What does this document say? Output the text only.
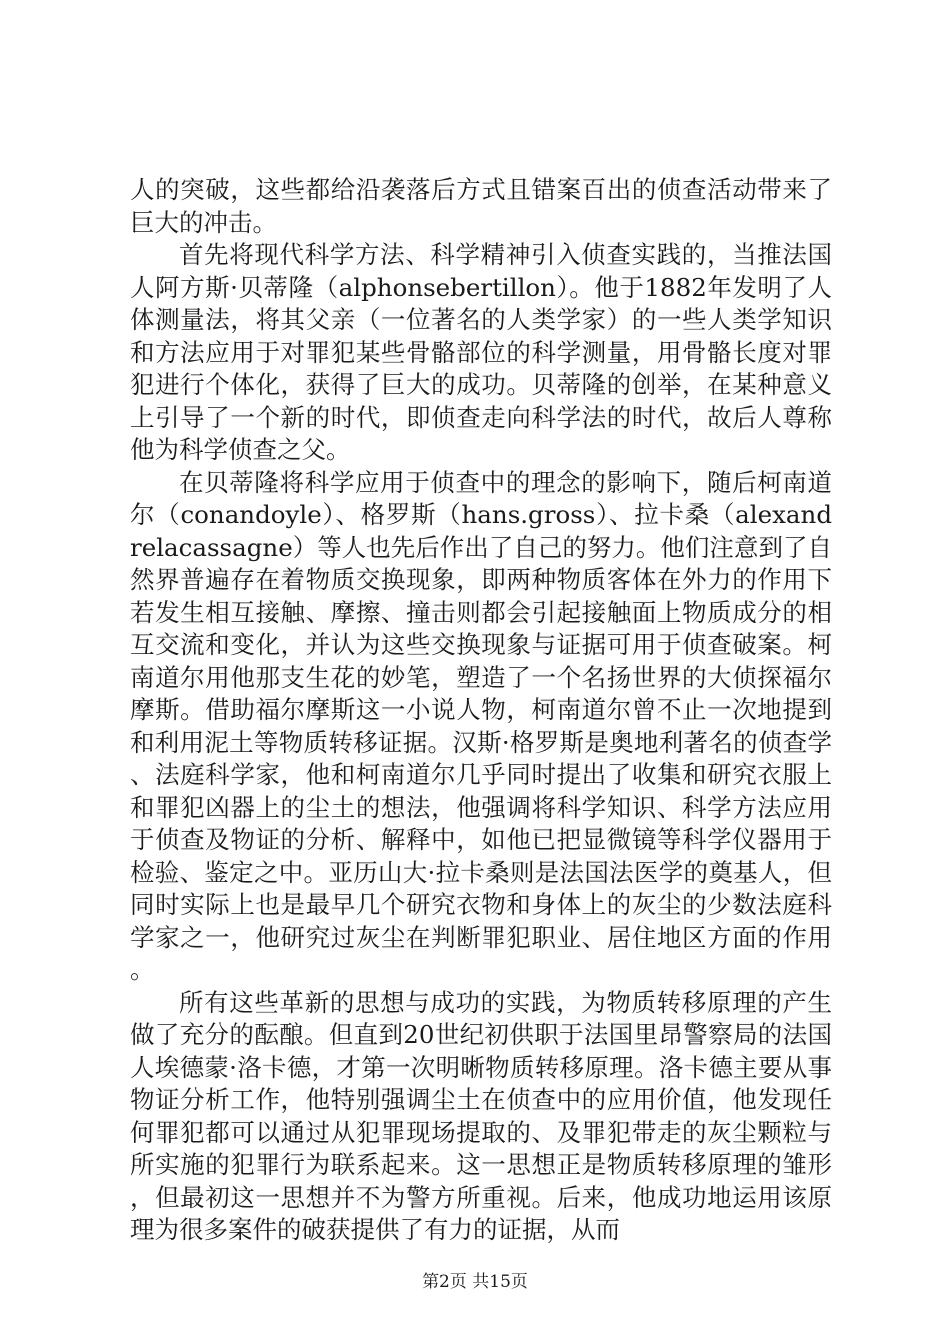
人的突破，这些都给沿袭落后方式且错案百出的侦查活动带来了巨大的冲击。

首先将现代科学方法、科学精神引入侦查实践的，当推法国人阿方斯·贝蒂隆（alphonsebertillon）。他于1882年发明了人体测量法，将其父亲（一位著名的人类学家）的一些人类学知识和方法应用于对罪犯某些骨骼部位的科学测量，用骨骼长度对罪犯进行个体化，获得了巨大的成功。贝蒂隆的创举，在某种意义上引导了一个新的时代，即侦查走向科学法的时代，故后人尊称他为科学侦查之父。

在贝蒂隆将科学应用于侦查中的理念的影响下，随后柯南道尔（conandoyle）、格罗斯（hans.gross）、拉卡桑（alexandrelacassagne）等人也先后作出了自己的努力。他们注意到了自然界普遍存在着物质交换现象，即两种物质客体在外力的作用下若发生相互接触、摩擦、撞击则都会引起接触面上物质成分的相互交流和变化，并认为这些交换现象与证据可用于侦查破案。柯南道尔用他那支生花的妙笔，塑造了一个名扬世界的大侦探福尔摩斯。借助福尔摩斯这一小说人物，柯南道尔曾不止一次地提到和利用泥土等物质转移证据。汉斯·格罗斯是奥地利著名的侦查学、法庭科学家，他和柯南道尔几乎同时提出了收集和研究衣服上和罪犯凶器上的尘土的想法，他强调将科学知识、科学方法应用于侦查及物证的分析、解释中，如他已把显微镜等科学仪器用于检验、鉴定之中。亚历山大·拉卡桑则是法国法医学的奠基人，但同时实际上也是最早几个研究衣物和身体上的灰尘的少数法庭科学家之一，他研究过灰尘在判断罪犯职业、居住地区方面的作用。

所有这些革新的思想与成功的实践，为物质转移原理的产生做了充分的酝酿。但直到20世纪初供职于法国里昂警察局的法国人埃德蒙·洛卡德，才第一次明晰物质转移原理。洛卡德主要从事物证分析工作，他特别强调尘土在侦查中的应用价值，他发现任何罪犯都可以通过从犯罪现场提取的、及罪犯带走的灰尘颗粒与所实施的犯罪行为联系起来。这一思想正是物质转移原理的雏形，但最初这一思想并不为警方所重视。后来，他成功地运用该原理为很多案件的破获提供了有力的证据，从而

第2页 共15页
